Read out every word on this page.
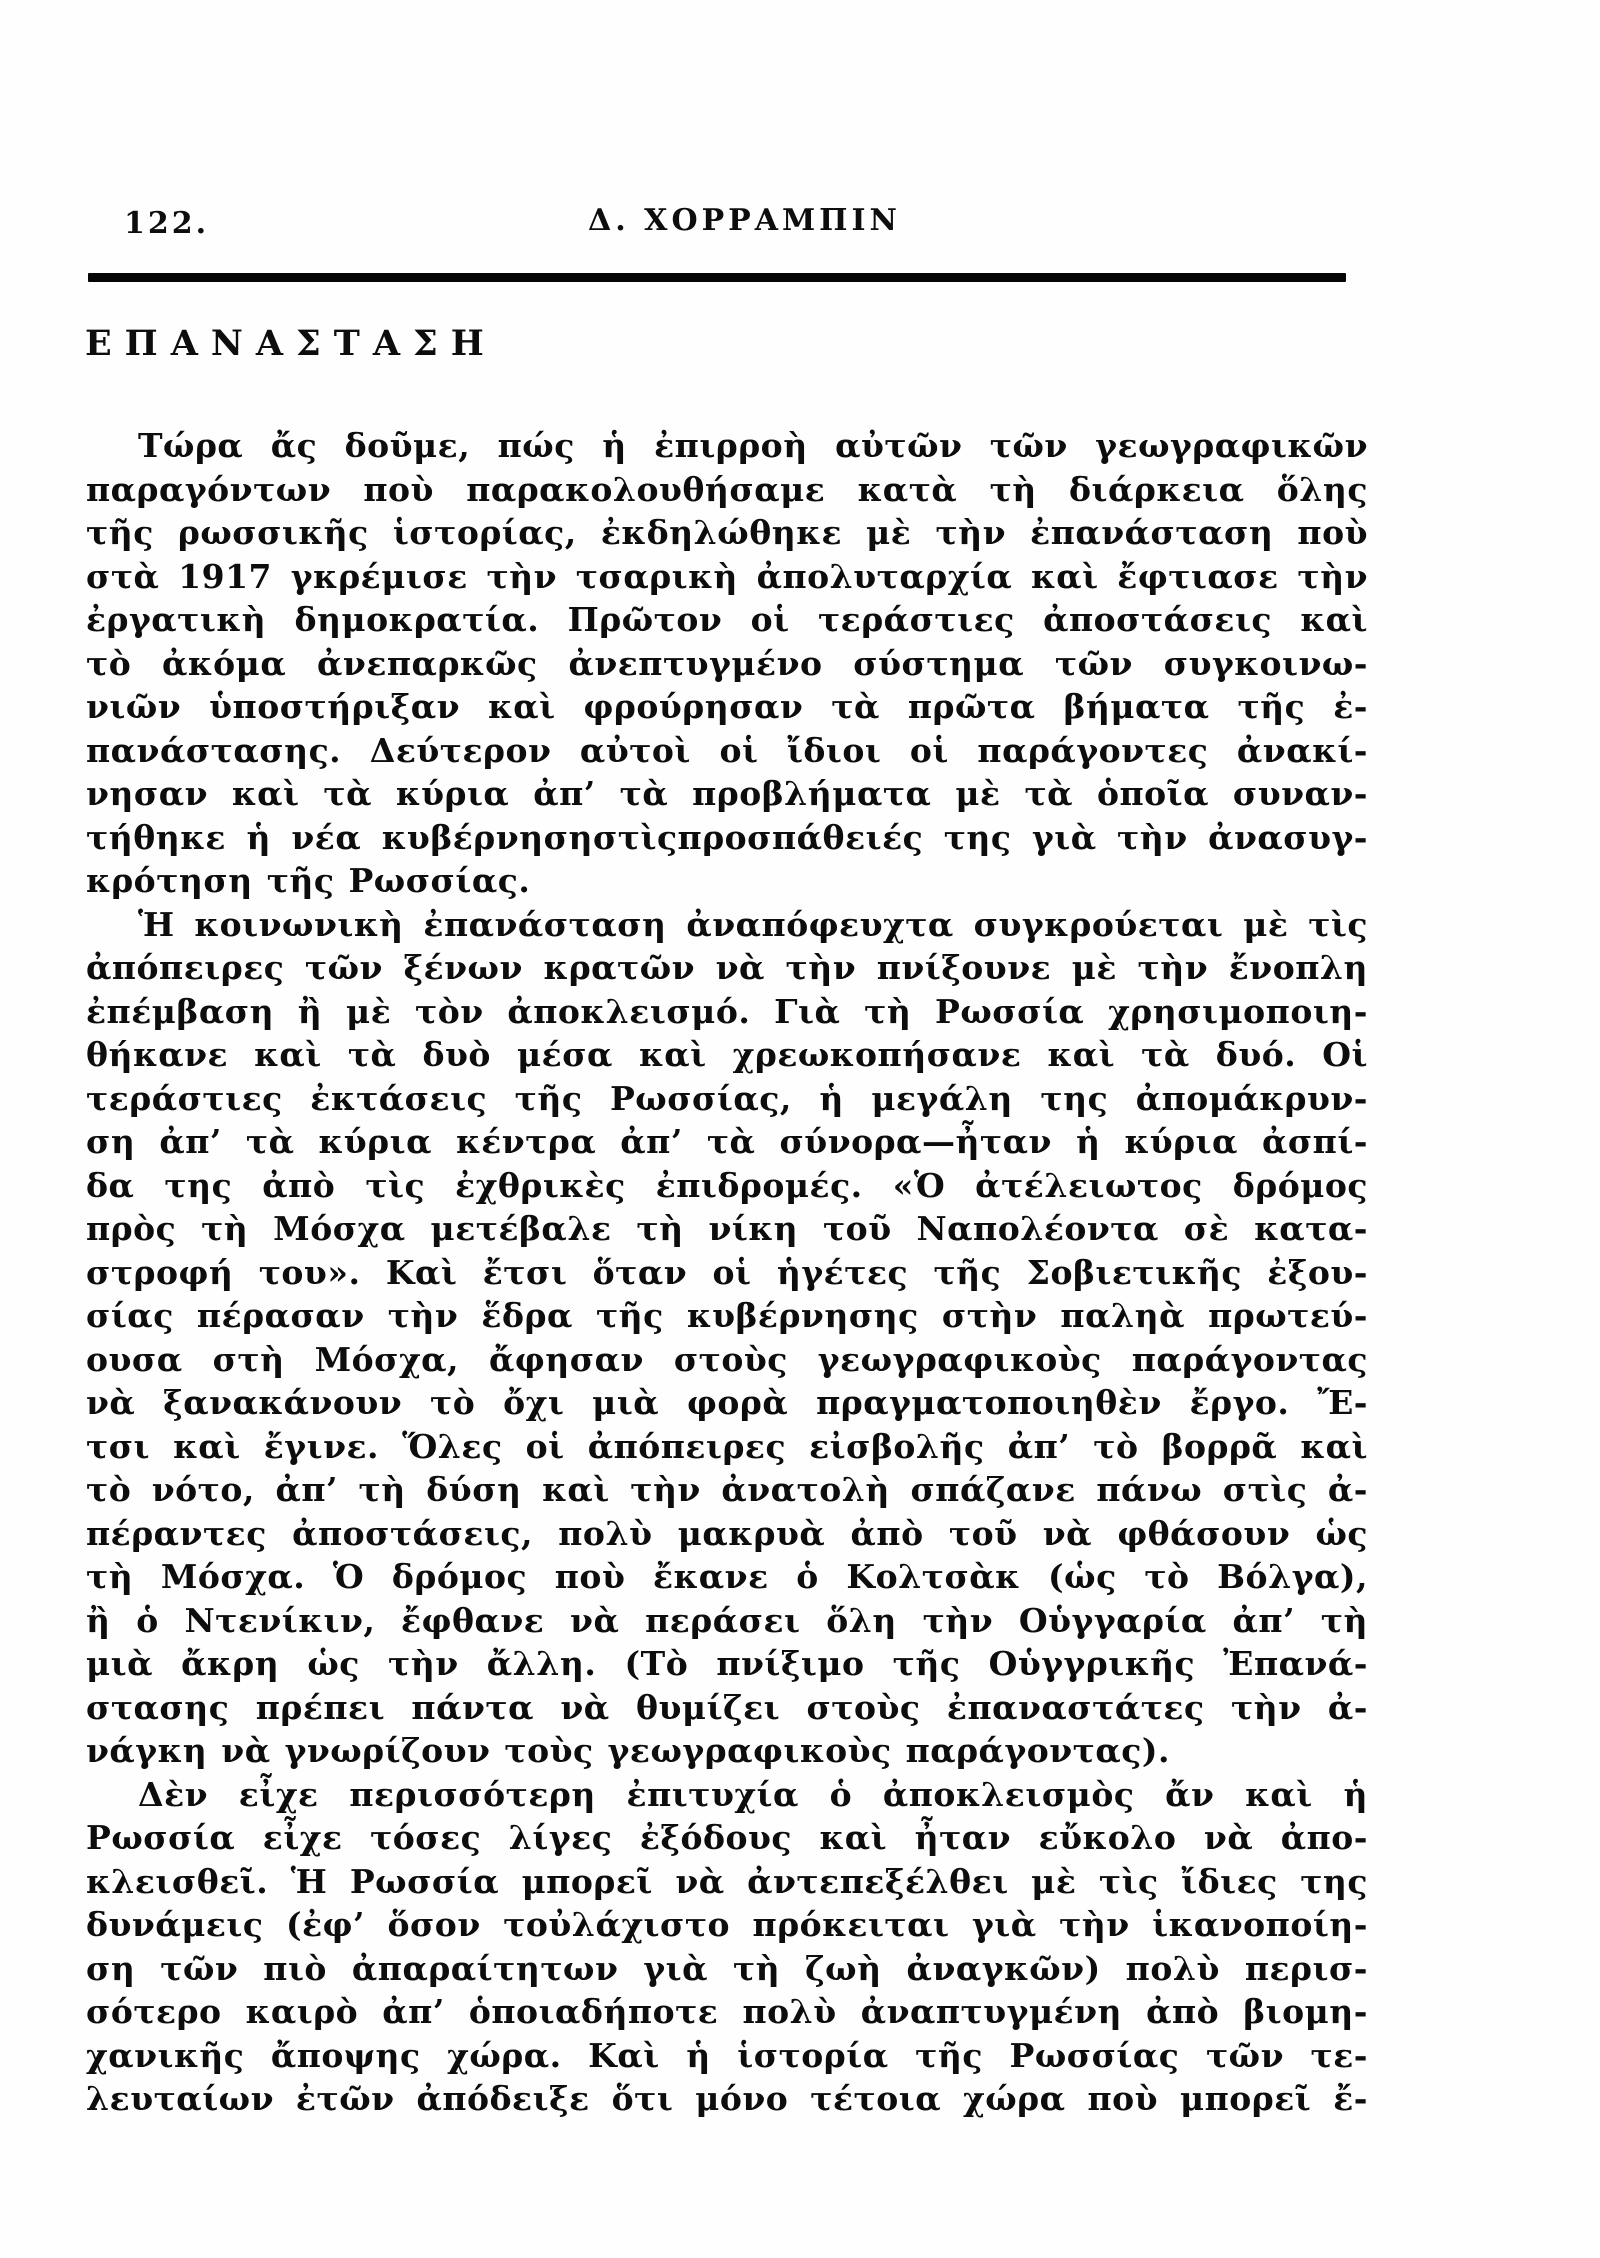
122.	Δ. ΧΟΡΡΑΜΠΙΝ
ΕΠΑΝΑΣΤΑΣΗ
Τώρα ἄς δοῦμε, πώς ἡ ἐπιρροὴ αὐτῶν τῶν γεωγραφικῶν
παραγόντων ποὺ παρακολουθήσαμε κατὰ τὴ διάρκεια ὅλης
τῆς ρωσσικῆς ἱστορίας, ἐκδηλώθηκε μὲ τὴν ἐπανάσταση ποὺ
στὰ 1917 γκρέμισε τὴν τσαρικὴ ἀπολυταρχία καὶ ἔφτιασε τὴν
ἐργατικὴ δημοκρατία. Πρῶτον οἱ τεράστιες ἀποστάσεις καὶ
τὸ ἀκόμα ἀνεπαρκῶς ἀνεπτυγμένο σύστημα τῶν συγκοινω-
νιῶν ὑποστήριξαν καὶ φρούρησαν τὰ πρῶτα βήματα τῆς ἐ-
πανάστασης. Δεύτερον αὐτοὶ οἱ ἴδιοι οἱ παράγοντες ἀνακί-
νησαν καὶ τὰ κύρια ἀπ’ τὰ προβλήματα μὲ τὰ ὁποῖα συναν-
τήθηκε ἡ νέα κυβέρνησηστὶςπροσπάθειές της γιὰ τὴν ἀνασυγ-
κρότηση τῆς Ρωσσίας.
Ἡ κοινωνικὴ ἐπανάσταση ἀναπόφευχτα συγκρούεται μὲ τὶς
ἀπόπειρες τῶν ξένων κρατῶν νὰ τὴν πνίξουνε μὲ τὴν ἔνοπλη
ἐπέμβαση ἢ μὲ τὸν ἀποκλεισμό. Γιὰ τὴ Ρωσσία χρησιμοποιη-
θήκανε καὶ τὰ δυὸ μέσα καὶ χρεωκοπήσανε καὶ τὰ δυό. Οἱ
τεράστιες ἐκτάσεις τῆς Ρωσσίας, ἡ μεγάλη της ἀπομάκρυν-
ση ἀπ’ τὰ κύρια κέντρα ἀπ’ τὰ σύνορα—ἦταν ἡ κύρια ἀσπί-
δα της ἀπὸ τὶς ἐχθρικὲς ἐπιδρομές. «Ὁ ἀτέλειωτος δρόμος
πρὸς τὴ Μόσχα μετέβαλε τὴ νίκη τοῦ Ναπολέοντα σὲ κατα-
στροφή του». Καὶ ἔτσι ὅταν οἱ ἡγέτες τῆς Σοβιετικῆς ἐξου-
σίας πέρασαν τὴν ἕδρα τῆς κυβέρνησης στὴν παληὰ πρωτεύ-
ουσα στὴ Μόσχα, ἄφησαν στοὺς γεωγραφικοὺς παράγοντας
νὰ ξανακάνουν τὸ ὄχι μιὰ φορὰ πραγματοποιηθὲν ἔργο. Ἔ-
τσι καὶ ἔγινε. Ὅλες οἱ ἀπόπειρες εἰσβολῆς ἀπ’ τὸ βορρᾶ καὶ
τὸ νότο, ἀπ’ τὴ δύση καὶ τὴν ἀνατολὴ σπάζανε πάνω στὶς ἀ-
πέραντες ἀποστάσεις, πολὺ μακρυὰ ἀπὸ τοῦ νὰ φθάσουν ὡς
τὴ Μόσχα. Ὁ δρόμος ποὺ ἔκανε ὁ Κολτσὰκ (ὡς τὸ Βόλγα),
ἢ ὁ Ντενίκιν, ἔφθανε νὰ περάσει ὅλη τὴν Οὑγγαρία ἀπ’ τὴ
μιὰ ἄκρη ὡς τὴν ἄλλη. (Τὸ πνίξιμο τῆς Οὑγγρικῆς Ἐπανά-
στασης πρέπει πάντα νὰ θυμίζει στοὺς ἐπαναστάτες τὴν ἀ-
νάγκη νὰ γνωρίζουν τοὺς γεωγραφικοὺς παράγοντας).
Δὲν εἶχε περισσότερη ἐπιτυχία ὁ ἀποκλεισμὸς ἄν καὶ ἡ
Ρωσσία εἶχε τόσες λίγες ἐξόδους καὶ ἦταν εὔκολο νὰ ἀπο-
κλεισθεῖ. Ἡ Ρωσσία μπορεῖ νὰ ἀντεπεξέλθει μὲ τὶς ἴδιες της
δυνάμεις (ἐφ’ ὅσον τοὐλάχιστο πρόκειται γιὰ τὴν ἱκανοποίη-
ση τῶν πιὸ ἀπαραίτητων γιὰ τὴ ζωὴ ἀναγκῶν) πολὺ περισ-
σότερο καιρὸ ἀπ’ ὁποιαδήποτε πολὺ ἀναπτυγμένη ἀπὸ βιομη-
χανικῆς ἄποψης χώρα. Καὶ ἡ ἱστορία τῆς Ρωσσίας τῶν τε-
λευταίων ἐτῶν ἀπόδειξε ὅτι μόνο τέτοια χώρα ποὺ μπορεῖ ἔ-
